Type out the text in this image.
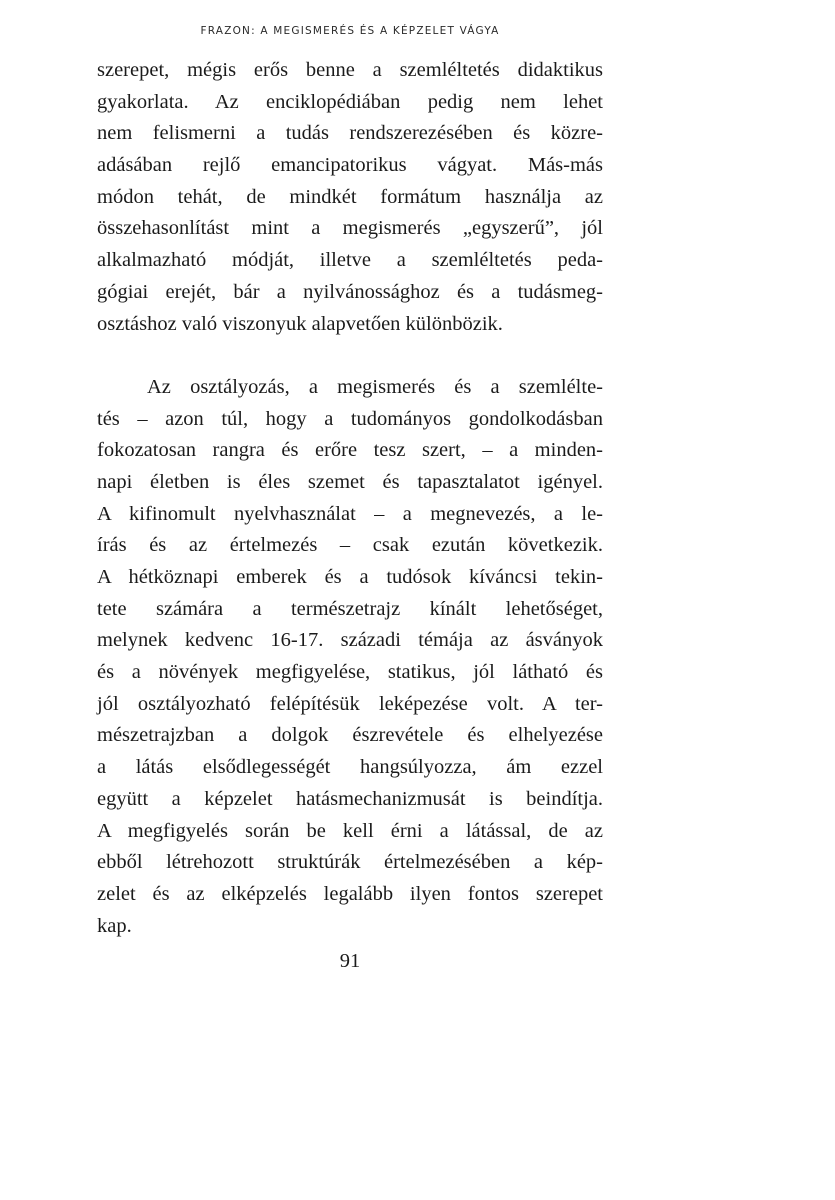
FRAZON: A MEGISMERÉS ÉS A KÉPZELET VÁGYA
szerepet, mégis erős benne a szemléltetés didaktikus
gyakorlata. Az enciklopédiában pedig nem lehet
nem felismerni a tudás rendszerezésében és közre-
adásában rejlő emancipatorikus vágyat. Más-más
módon tehát, de mindkét formátum használja az
összehasonlítást mint a megismerés „egyszerű”, jól
alkalmazható módját, illetve a szemléltetés peda-
gógiai erejét, bár a nyilvánossághoz és a tudásmeg-
osztáshoz való viszonyuk alapvetően különbözik.
Az osztályozás, a megismerés és a szemléltе-
tés – azon túl, hogy a tudományos gondolkodásban
fokozatosan rangra és erőre tesz szert, – a minden-
napi életben is éles szemet és tapasztalatot igényel.
A kifinomult nyelvhasználat – a megnevezés, a le-
írás és az értelmezés – csak ezután következik.
A hétköznapi emberek és a tudósok kíváncsi tekin-
tete számára a természetrajz kínált lehetőséget,
melynek kedvenc 16-17. századi témája az ásványok
és a növények megfigyelése, statikus, jól látható és
jól osztályozható felépítésük leképezése volt. A ter-
mészetrajzban a dolgok észrevétele és elhelyezése
a látás elsődlegességét hangsúlyozza, ám ezzel
együtt a képzelet hatásmechanizmusát is beindítja.
A megfigyelés során be kell érni a látással, de az
ebből létrehozott struktúrák értelmezésében a kép-
zelet és az elképzelés legalább ilyen fontos szerepet
kap.
91
